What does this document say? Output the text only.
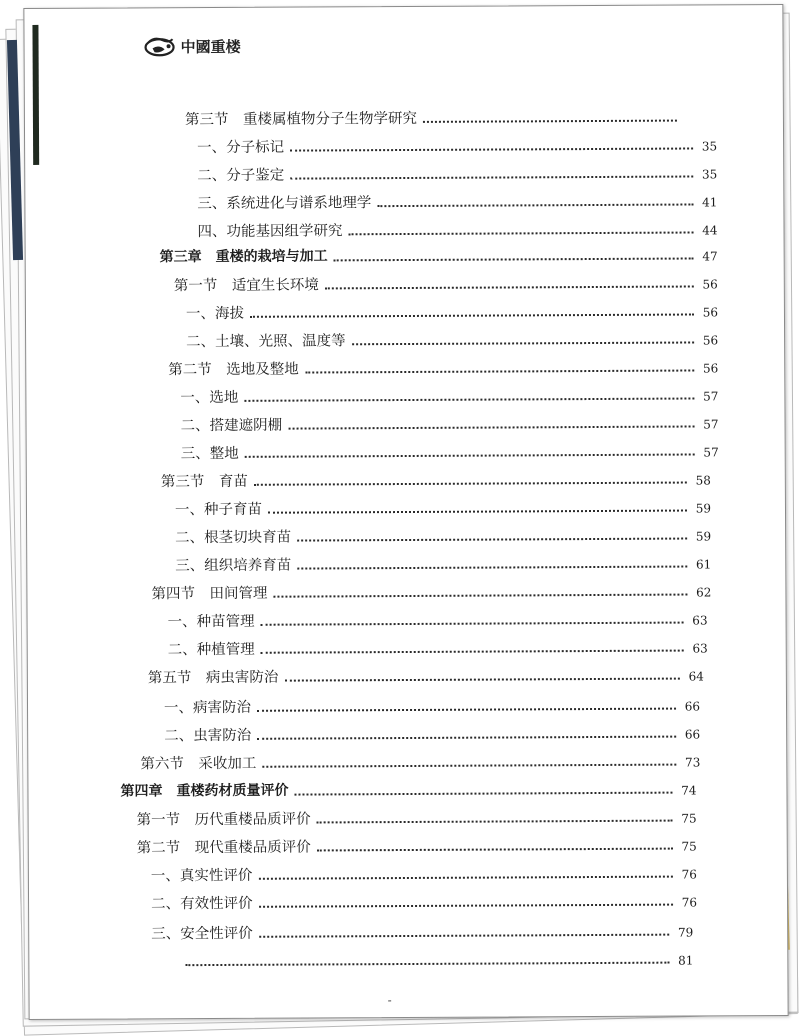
中國重楼
第三节　重楼属植物分子生物学研究
一、分子标记	35
二、分子鉴定	35
三、系统进化与谱系地理学	41
四、功能基因组学研究	44
第三章　重楼的栽培与加工	47
第一节　适宜生长环境	56
一、海拔	56
二、土壤、光照、温度等	56
第二节　选地及整地	56
一、选地	57
二、搭建遮阴棚	57
三、整地	57
第三节　育苗	58
一、种子育苗	59
二、根茎切块育苗	59
三、组织培养育苗	61
第四节　田间管理	62
一、种苗管理	63
二、种植管理	63
第五节　病虫害防治	64
一、病害防治	66
二、虫害防治	66
第六节　采收加工	73
第四章　重楼药材质量评价	74
第一节　历代重楼品质评价	75
第二节　现代重楼品质评价	75
一、真实性评价	76
二、有效性评价	76
三、安全性评价	79
81
-
